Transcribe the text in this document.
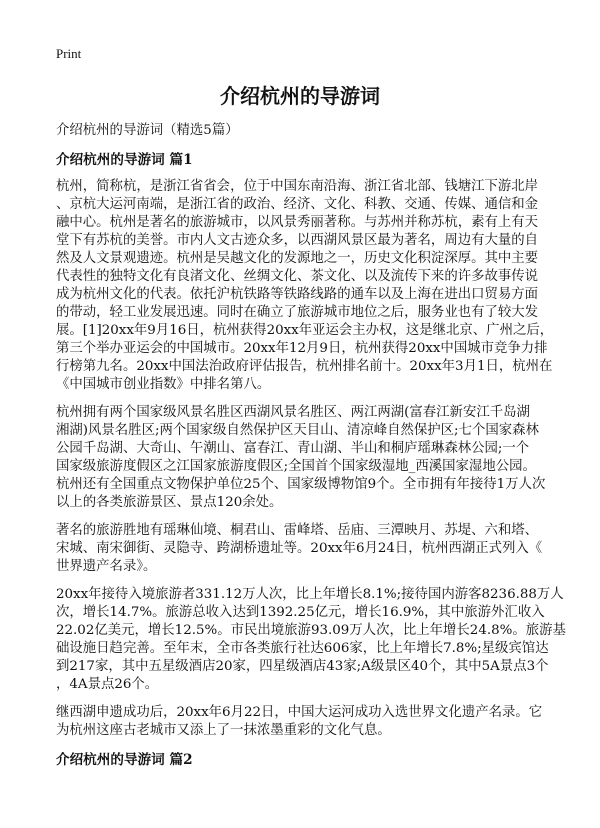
Print
介绍杭州的导游词
介绍杭州的导游词（精选5篇）
介绍杭州的导游词 篇1
杭州，简称杭，是浙江省省会，位于中国东南沿海、浙江省北部、钱塘江下游北岸
、京杭大运河南端，是浙江省的政治、经济、文化、科教、交通、传媒、通信和金
融中心。杭州是著名的旅游城市，以风景秀丽著称。与苏州并称苏杭，素有上有天
堂下有苏杭的美誉。市内人文古迹众多，以西湖风景区最为著名，周边有大量的自
然及人文景观遗迹。杭州是吴越文化的发源地之一，历史文化积淀深厚。其中主要
代表性的独特文化有良渚文化、丝绸文化、茶文化、以及流传下来的许多故事传说
成为杭州文化的代表。依托沪杭铁路等铁路线路的通车以及上海在进出口贸易方面
的带动，轻工业发展迅速。同时在确立了旅游城市地位之后，服务业也有了较大发
展。[1]20xx年9月16日，杭州获得20xx年亚运会主办权，这是继北京、广州之后，
第三个举办亚运会的中国城市。20xx年12月9日，杭州获得20xx中国城市竞争力排
行榜第九名。20xx中国法治政府评估报告，杭州排名前十。20xx年3月1日，杭州在
《中国城市创业指数》中排名第八。
杭州拥有两个国家级风景名胜区西湖风景名胜区、两江两湖(富春江新安江千岛湖
湘湖)风景名胜区;两个国家级自然保护区天目山、清凉峰自然保护区;七个国家森林
公园千岛湖、大奇山、午潮山、富春江、青山湖、半山和桐庐瑶琳森林公园;一个
国家级旅游度假区之江国家旅游度假区;全国首个国家级湿地_西溪国家湿地公园。
杭州还有全国重点文物保护单位25个、国家级博物馆9个。全市拥有年接待1万人次
以上的各类旅游景区、景点120余处。
著名的旅游胜地有瑶琳仙境、桐君山、雷峰塔、岳庙、三潭映月、苏堤、六和塔、
宋城、南宋御街、灵隐寺、跨湖桥遗址等。20xx年6月24日，杭州西湖正式列入《
世界遗产名录》。
20xx年接待入境旅游者331.12万人次，比上年增长8.1%;接待国内游客8236.88万人
次，增长14.7%。旅游总收入达到1392.25亿元，增长16.9%，其中旅游外汇收入
22.02亿美元，增长12.5%。市民出境旅游93.09万人次，比上年增长24.8%。旅游基
础设施日趋完善。至年末，全市各类旅行社达606家，比上年增长7.8%;星级宾馆达
到217家，其中五星级酒店20家，四星级酒店43家;A级景区40个，其中5A景点3个
，4A景点26个。
继西湖申遗成功后，20xx年6月22日，中国大运河成功入选世界文化遗产名录。它
为杭州这座古老城市又添上了一抹浓墨重彩的文化气息。
介绍杭州的导游词 篇2
